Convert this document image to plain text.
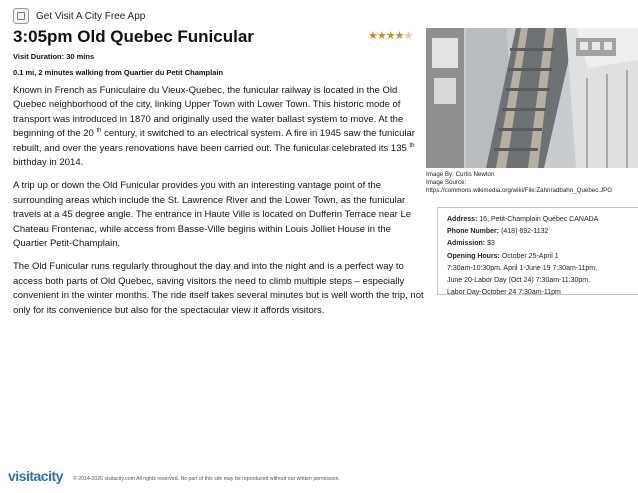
Get Visit A City Free App
3:05pm Old Quebec Funicular	★ ★ ★ ★ ★
Visit Duration: 30 mins
0.1 mi, 2 minutes walking from Quartier du Petit Champlain

Known in French as Funiculaire du Vieux-Quebec, the funicular railway is located in the Old Quebec neighborhood of the city, linking Upper Town with Lower Town. This historic mode of transport was introduced in 1870 and originally used the water ballast system to move. At the beginning of the 20 $^{th}$ century, it switched to an electrical system. A fire in 1945 saw the funicular rebuilt, and over the years renovations have been carried out. The funicular celebrated its 135 $^{th}$ birthday in 2014.

A trip up or down the Old Funicular provides you with an interesting vantage point of the surrounding areas which include the St. Lawrence River and the Lower Town, as the funicular travels at a 45 degree angle. The entrance in Haute Ville is located on Dufferin Terrace near Le Chateau Frontenac, while access from Basse-Ville begins within Louis Jolliet House in the Quartier Petit-Champlain.

The Old Funicular runs regularly throughout the day and into the night and is a perfect way to access both parts of Old Quebec, saving visitors the need to climb multiple steps – especially convenient in the winter months. The ride itself takes several minutes but is well worth the trip, not only for its convenience but also for the spectacular view it affords visitors.

Image By: Curtis Newton
Image Source:
https://commons.wikimedia.org/wiki/File:Zahnradbahn_Quebec.JPG
Address: 16, Petit-Champlain Québec CANADA
Phone Number: (418) 692-1132
Admission: $3
Opening Hours: October 25-April 1
7:30am-10:30pm, April 1-June 19 7:30am-11pm,
June 20-Labor Day (Oct 24) 7:30am-11:30pm,
Labor Day-October 24 7:30am-11pm
visitacity © 2014-2020 visitacity.com All rights reserved. No part of this site may be reproduced without our written permission.
